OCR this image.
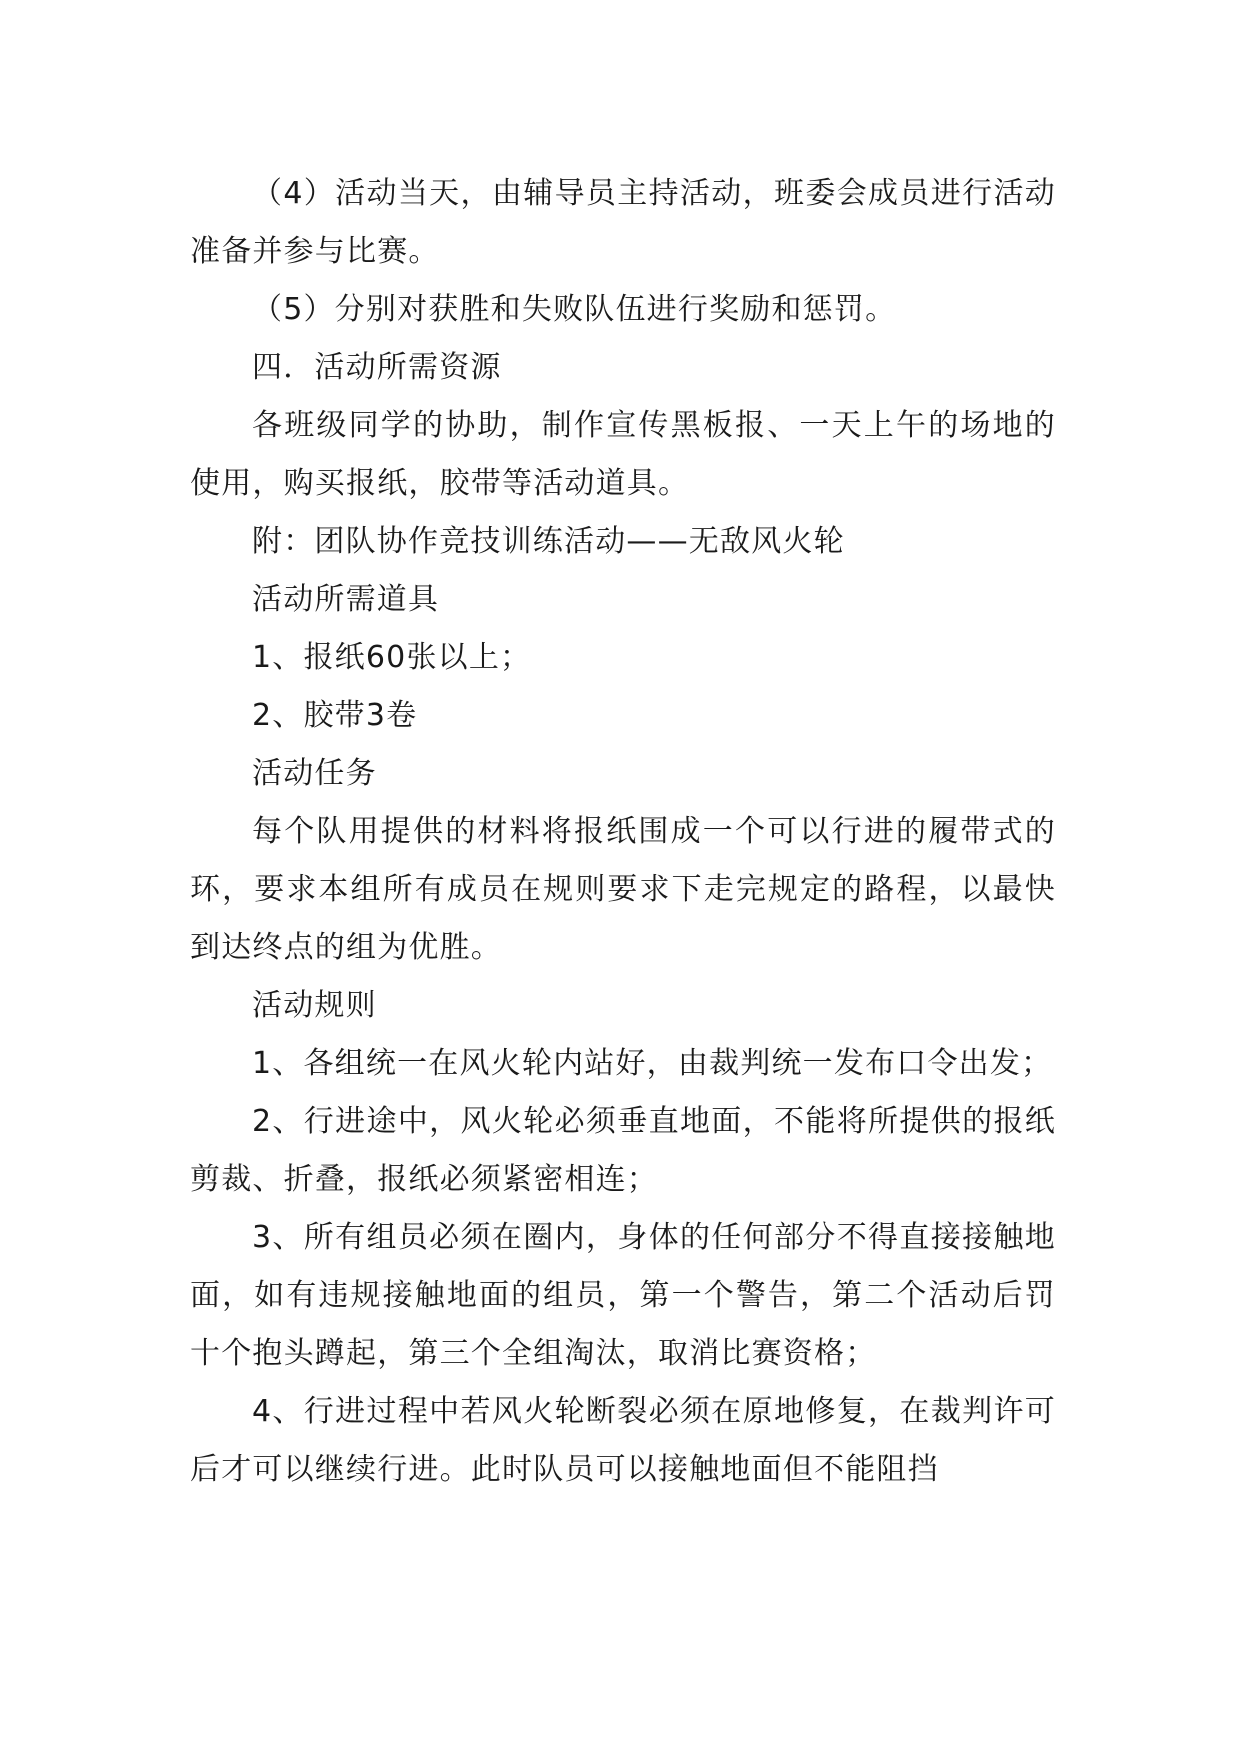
（4）活动当天，由辅导员主持活动，班委会成员进行活动准备并参与比赛。

（5）分别对获胜和失败队伍进行奖励和惩罚。

四．活动所需资源

各班级同学的协助，制作宣传黑板报、一天上午的场地的使用，购买报纸，胶带等活动道具。

附：团队协作竞技训练活动——无敌风火轮

活动所需道具

1、报纸60张以上；

2、胶带3卷

活动任务

每个队用提供的材料将报纸围成一个可以行进的履带式的环，要求本组所有成员在规则要求下走完规定的路程，以最快到达终点的组为优胜。

活动规则

1、各组统一在风火轮内站好，由裁判统一发布口令出发；

2、行进途中，风火轮必须垂直地面，不能将所提供的报纸剪裁、折叠，报纸必须紧密相连；

3、所有组员必须在圈内，身体的任何部分不得直接接触地面，如有违规接触地面的组员，第一个警告，第二个活动后罚十个抱头蹲起，第三个全组淘汰，取消比赛资格；

4、行进过程中若风火轮断裂必须在原地修复，在裁判许可后才可以继续行进。此时队员可以接触地面但不能阻挡
